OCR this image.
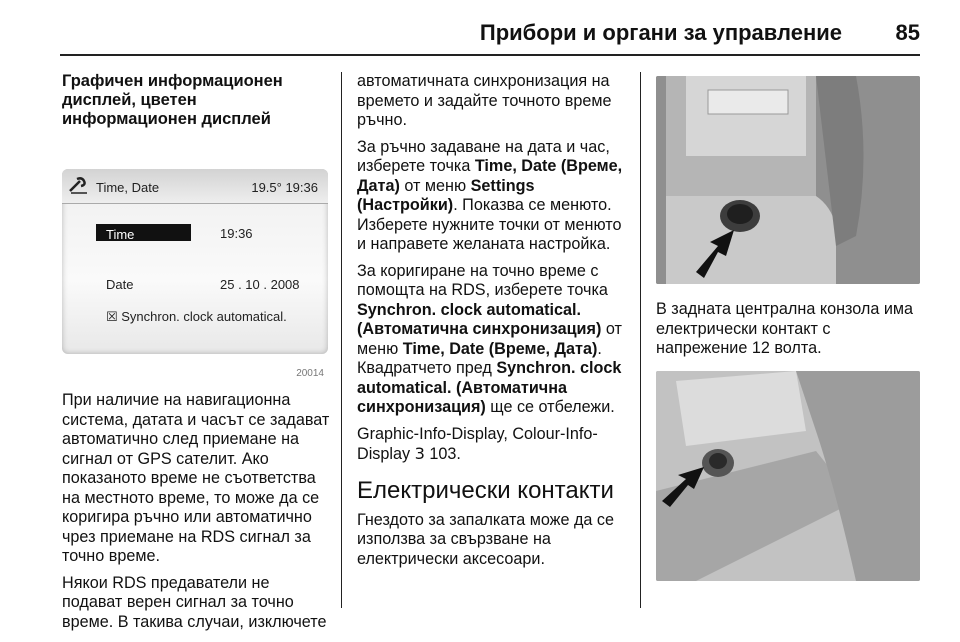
Прибори и органи за управление 85
Графичен информационен дисплей, цветен информационен дисплей
Time, Date	19.5° 19:36
Time	19:36
Date	25 . 10 . 2008
☒ Synchron. clock automatical.
20014

При наличие на навигационна система, датата и часът се задават автоматично след приемане на сигнал от GPS сателит. Ако показаното време не съответства на местното време, то може да се коригира ръчно или автоматично чрез приемане на RDS сигнал за точно време.

Някои RDS предаватели не подават верен сигнал за точно време. В такива случаи, изключете

автоматичната синхронизация на времето и задайте точното време ръчно.

За ръчно задаване на дата и час, изберете точка Time, Date (Време, Дата) от меню Settings (Настройки). Показва се менюто. Изберете нужните точки от менюто и направете желаната настройка.

За коригиране на точно време с помощта на RDS, изберете точка Synchron. clock automatical. (Автоматична синхронизация) от меню Time, Date (Време, Дата). Квадратчето пред Synchron. clock automatical. (Автоматична синхронизация) ще се отбележи.

Graphic-Info-Display, Colour-Info-Display 3 103.

Електрически контакти

Гнездото за запалката може да се използва за свързване на електрически аксесоари.

В задната централна конзола има електрически контакт с напрежение 12 волта.
